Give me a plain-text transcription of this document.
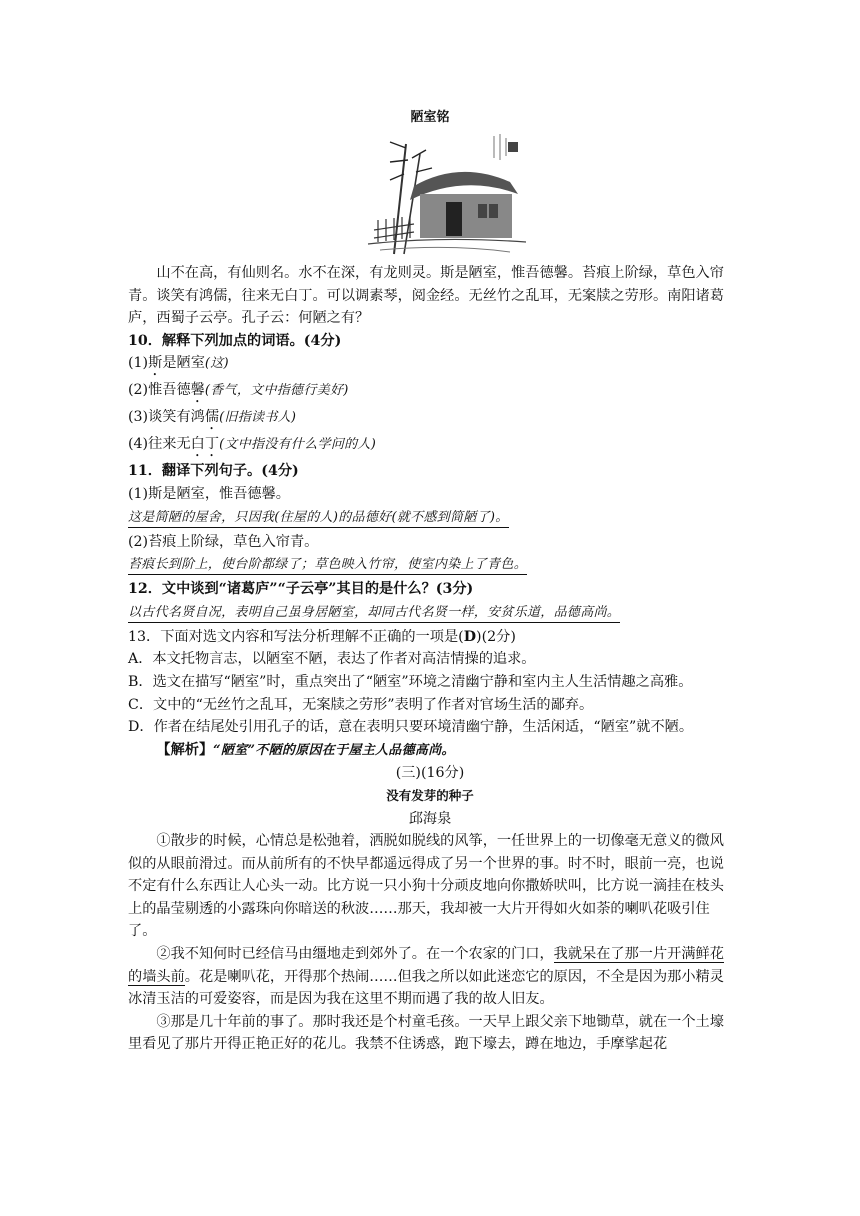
陋室铭

山不在高，有仙则名。水不在深，有龙则灵。斯是陋室，惟吾德馨。苔痕上阶绿，草色入帘青。谈笑有鸿儒，往来无白丁。可以调素琴，阅金经。无丝竹之乱耳，无案牍之劳形。南阳诸葛庐，西蜀子云亭。孔子云：何陋之有？

10．解释下列加点的词语。(4分)

(1)斯是陋室(这)

(2)惟吾德馨(香气，文中指德行美好)

(3)谈笑有鸿儒(旧指读书人)

(4)往来无白丁(文中指没有什么学问的人)

11．翻译下列句子。(4分)

(1)斯是陋室，惟吾德馨。

这是简陋的屋舍，只因我(住屋的人)的品德好(就不感到简陋了)。

(2)苔痕上阶绿，草色入帘青。

苔痕长到阶上，使台阶都绿了；草色映入竹帘，使室内染上了青色。

12．文中谈到“诸葛庐”“子云亭”其目的是什么？(3分)

以古代名贤自况，表明自己虽身居陋室，却同古代名贤一样，安贫乐道，品德高尚。

13．下面对选文内容和写法分析理解不正确的一项是(D)(2分)

A．本文托物言志，以陋室不陋，表达了作者对高洁情操的追求。

B．选文在描写“陋室”时，重点突出了“陋室”环境之清幽宁静和室内主人生活情趣之高雅。

C．文中的“无丝竹之乱耳，无案牍之劳形”表明了作者对官场生活的鄙弃。

D．作者在结尾处引用孔子的话，意在表明只要环境清幽宁静，生活闲适，“陋室”就不陋。

【解析】“陋室”不陋的原因在于屋主人品德高尚。

(三)(16分)

没有发芽的种子

邱海泉

①散步的时候，心情总是松弛着，洒脱如脱线的风筝，一任世界上的一切像毫无意义的微风似的从眼前滑过。而从前所有的不快早都遥远得成了另一个世界的事。时不时，眼前一亮，也说不定有什么东西让人心头一动。比方说一只小狗十分顽皮地向你撒娇吠叫，比方说一滴挂在枝头上的晶莹剔透的小露珠向你暗送的秋波……那天，我却被一大片开得如火如荼的喇叭花吸引住了。

②我不知何时已经信马由缰地走到郊外了。在一个农家的门口，我就呆在了那一片开满鲜花的墙头前。花是喇叭花，开得那个热闹……但我之所以如此迷恋它的原因，不全是因为那小精灵冰清玉洁的可爱姿容，而是因为我在这里不期而遇了我的故人旧友。

③那是几十年前的事了。那时我还是个村童毛孩。一天早上跟父亲下地锄草，就在一个土壕里看见了那片开得正艳正好的花儿。我禁不住诱惑，跑下壕去，蹲在地边，手摩挲起花
